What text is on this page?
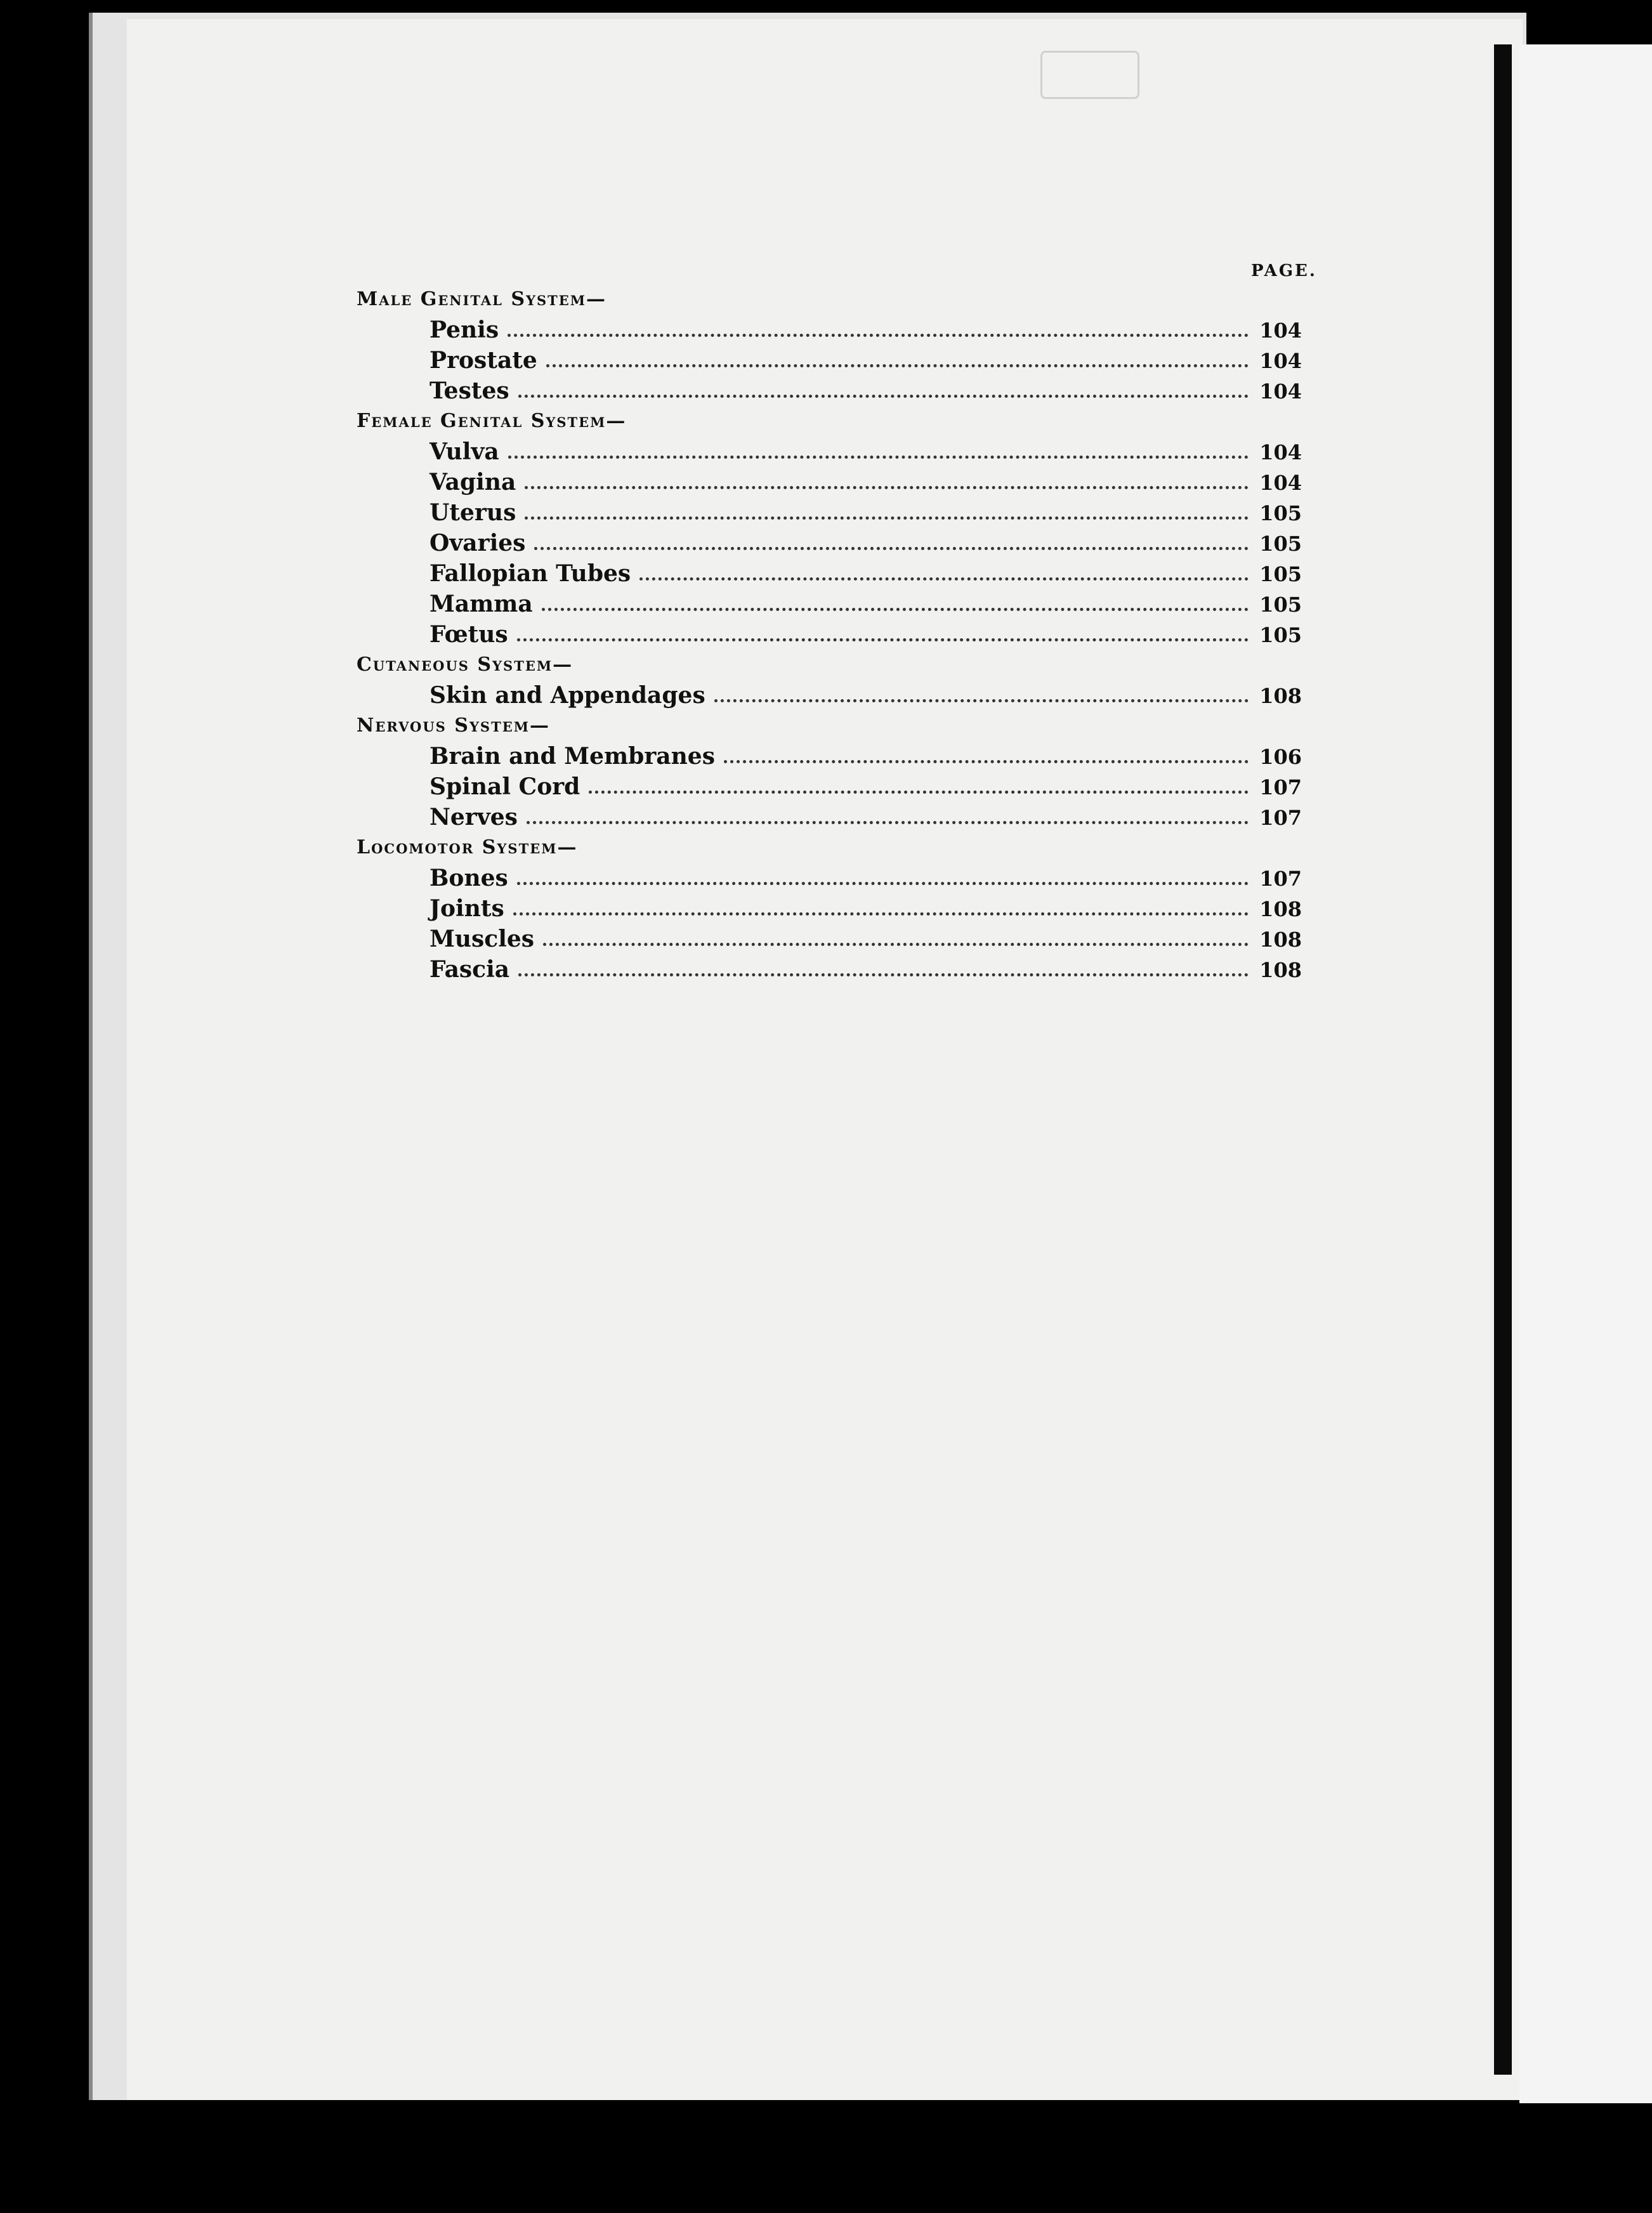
PAGE.
Male Genital System—
Penis	104
Prostate	104
Testes	104
Female Genital System—
Vulva	104
Vagina	104
Uterus	105
Ovaries	105
Fallopian Tubes	105
Mamma	105
Fœtus	105
Cutaneous System—
Skin and Appendages	108
Nervous System—
Brain and Membranes	106
Spinal Cord	107
Nerves	107
Locomotor System—
Bones	107
Joints	108
Muscles	108
Fascia	108
